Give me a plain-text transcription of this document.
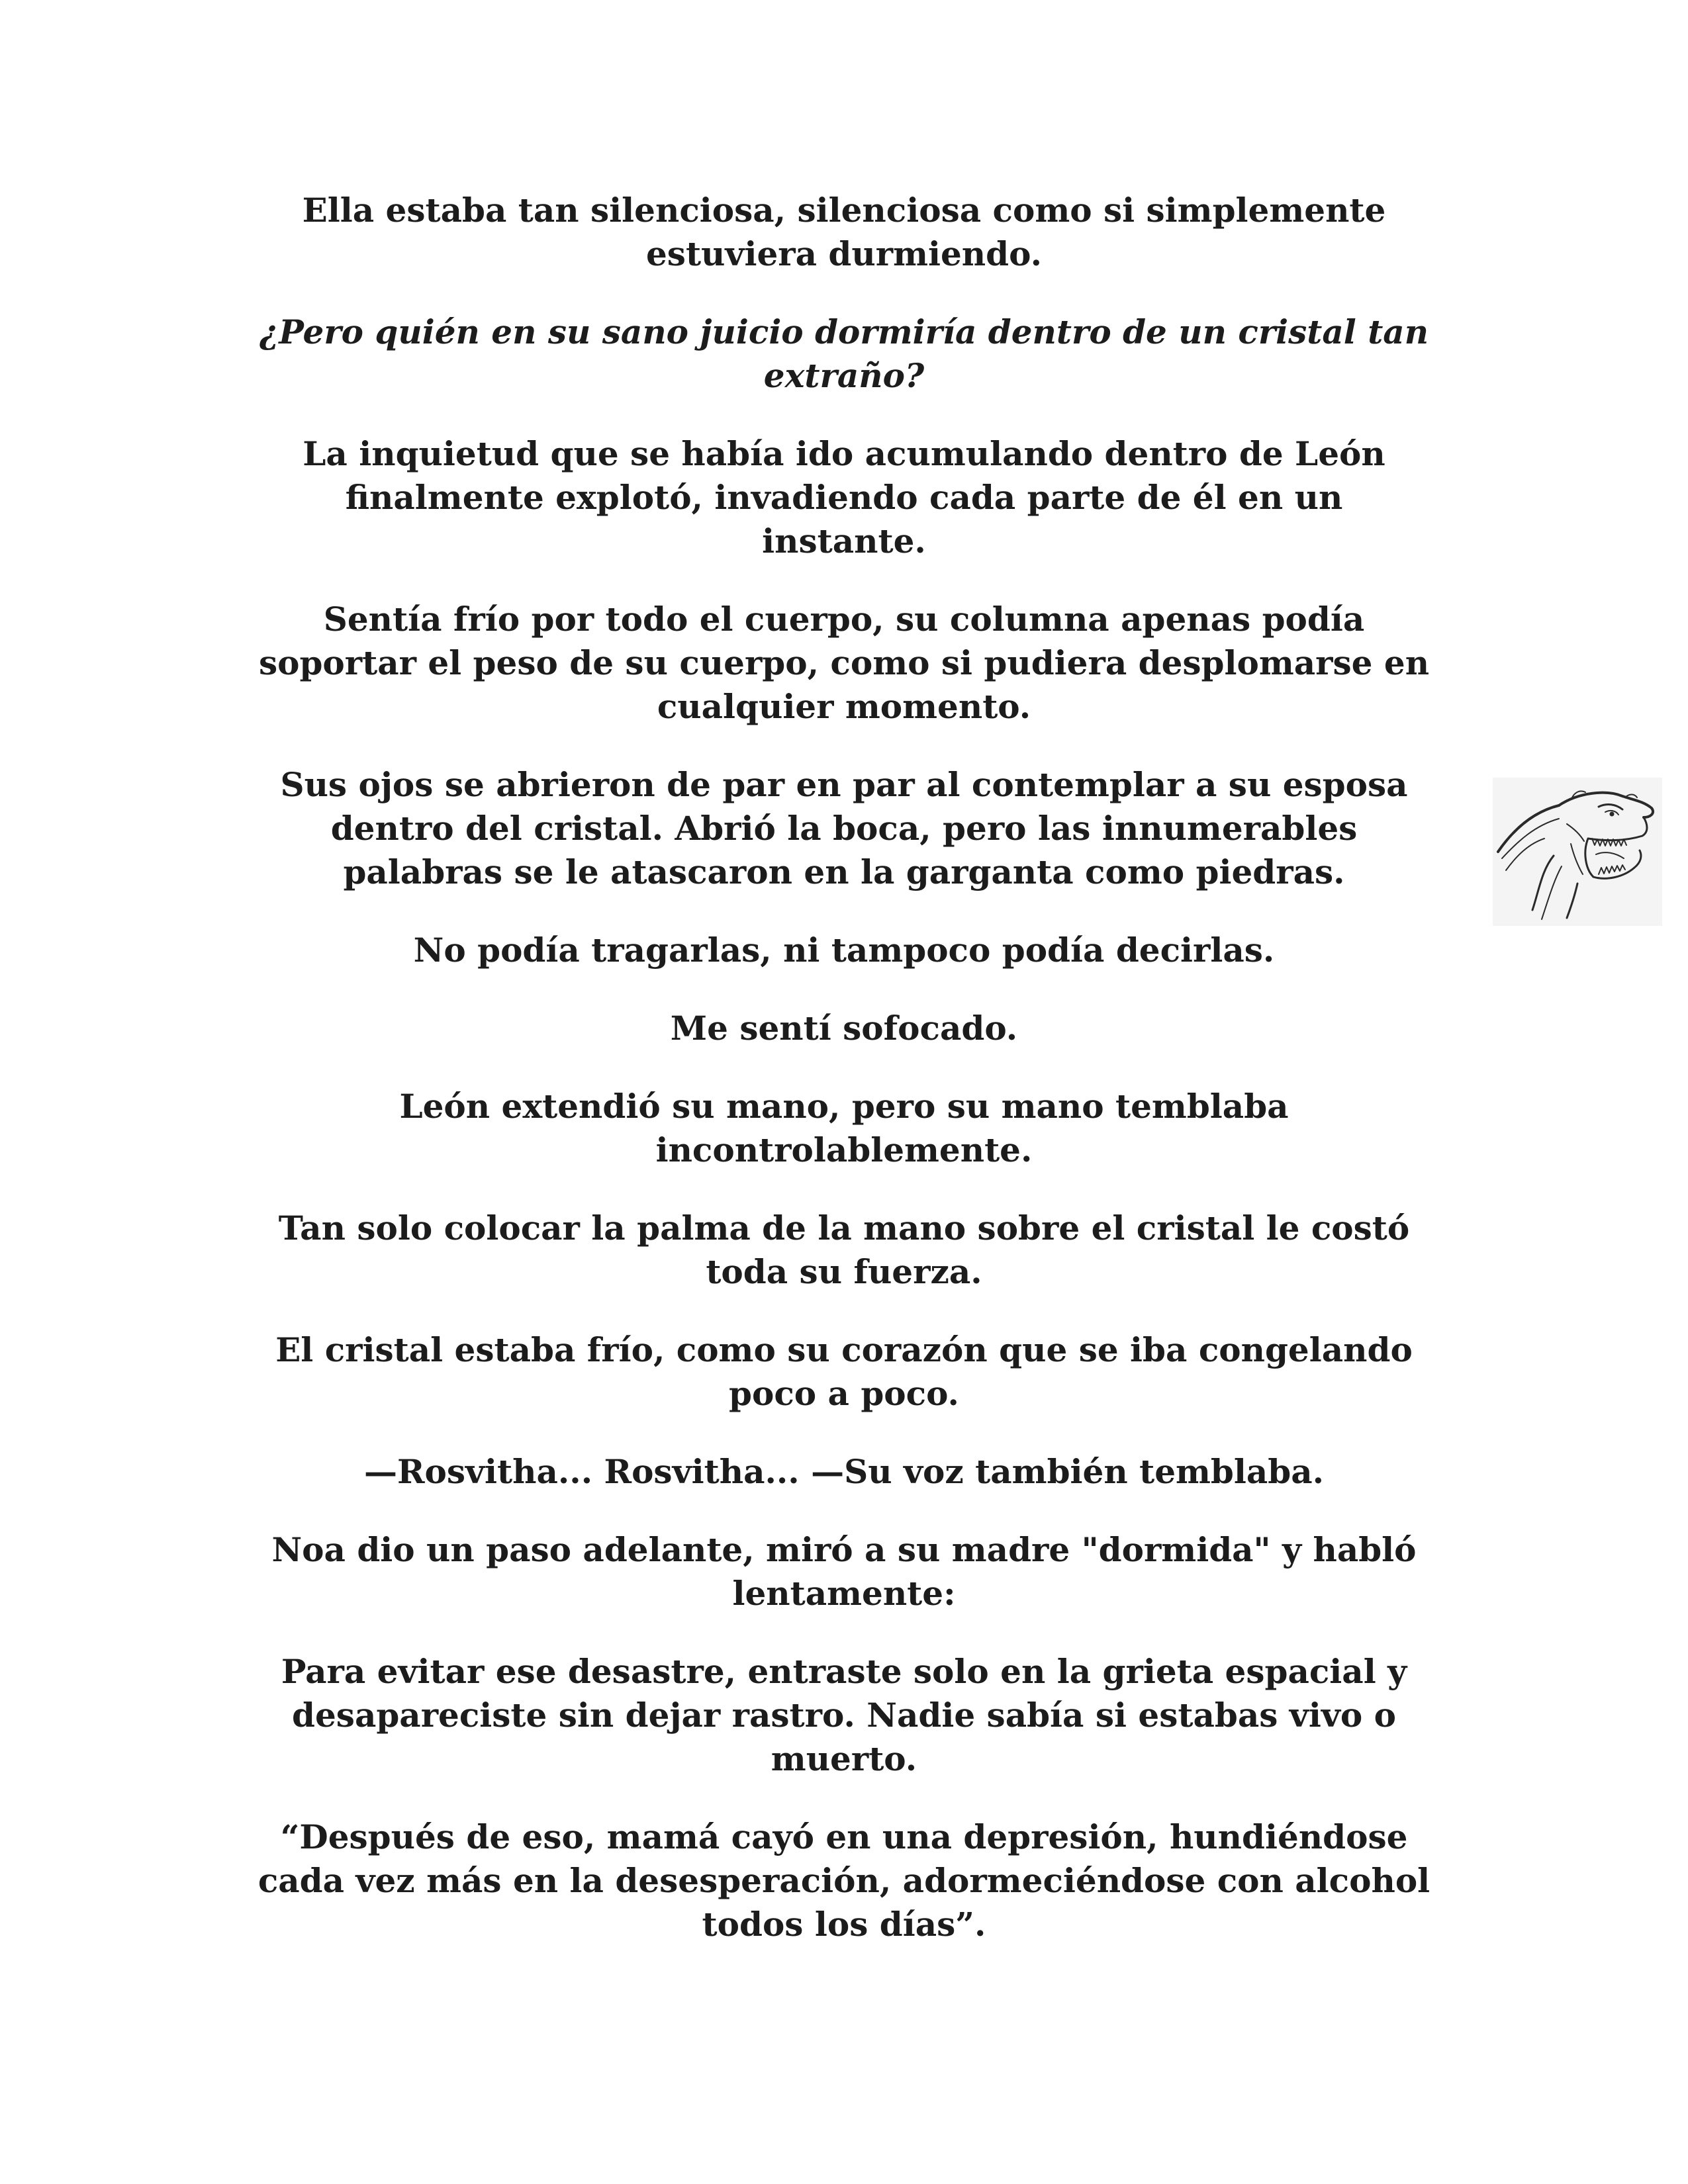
Ella estaba tan silenciosa, silenciosa como si simplemente
estuviera durmiendo.

¿Pero quién en su sano juicio dormiría dentro de un cristal tan
extraño?

La inquietud que se había ido acumulando dentro de León
finalmente explotó, invadiendo cada parte de él en un
instante.

Sentía frío por todo el cuerpo, su columna apenas podía
soportar el peso de su cuerpo, como si pudiera desplomarse en
cualquier momento.

Sus ojos se abrieron de par en par al contemplar a su esposa
dentro del cristal. Abrió la boca, pero las innumerables
palabras se le atascaron en la garganta como piedras.

No podía tragarlas, ni tampoco podía decirlas.

Me sentí sofocado.

León extendió su mano, pero su mano temblaba
incontrolablemente.

Tan solo colocar la palma de la mano sobre el cristal le costó
toda su fuerza.

El cristal estaba frío, como su corazón que se iba congelando
poco a poco.

—Rosvitha... Rosvitha... —Su voz también temblaba.

Noa dio un paso adelante, miró a su madre "dormida" y habló
lentamente:

Para evitar ese desastre, entraste solo en la grieta espacial y
desapareciste sin dejar rastro. Nadie sabía si estabas vivo o
muerto.

“Después de eso, mamá cayó en una depresión, hundiéndose
cada vez más en la desesperación, adormeciéndose con alcohol
todos los días”.
